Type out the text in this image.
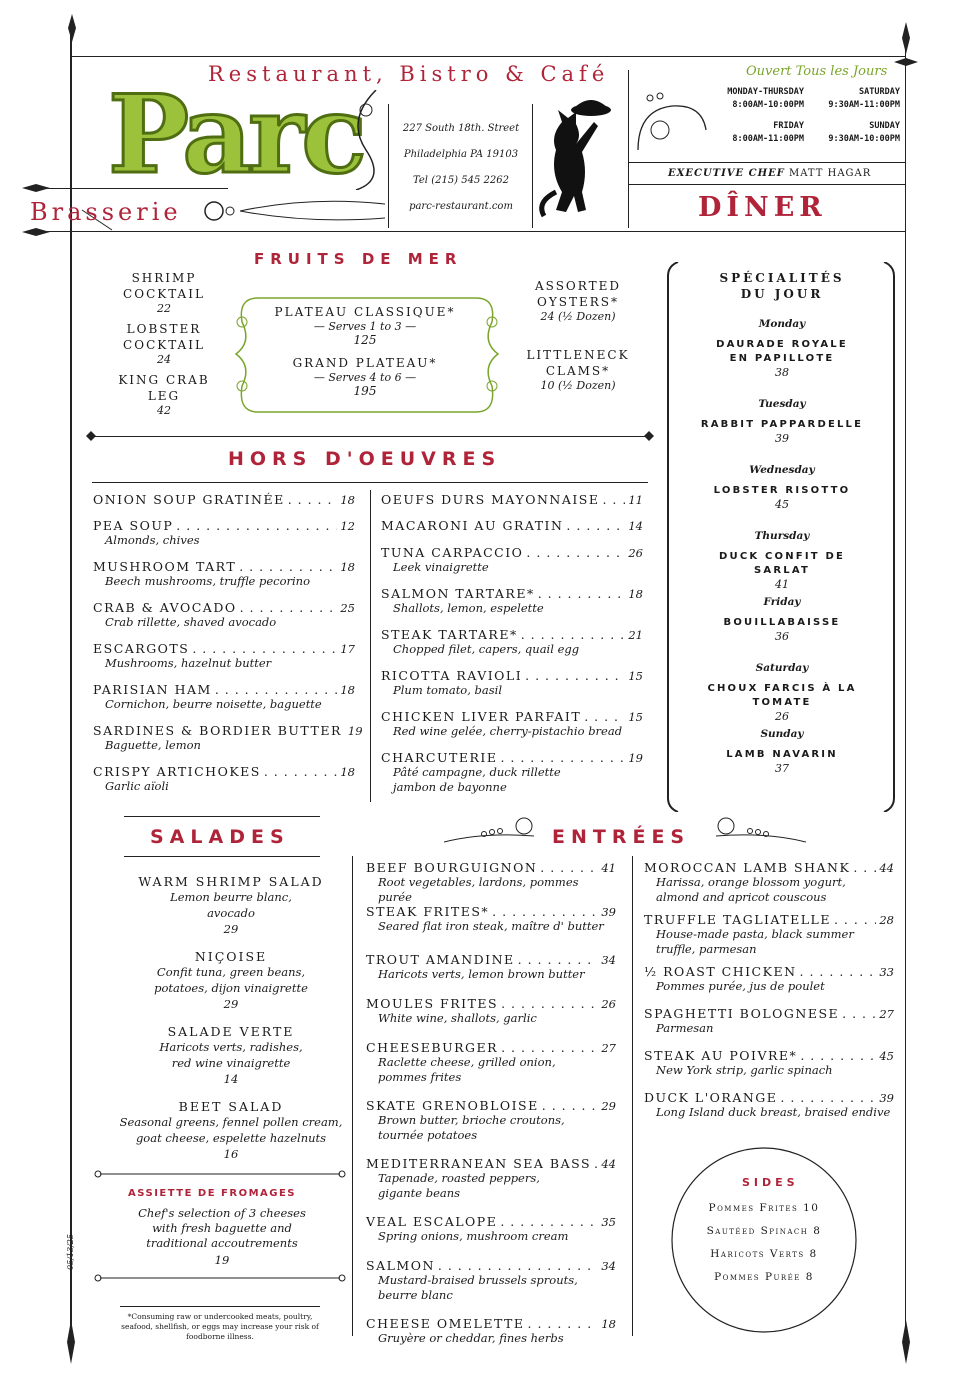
Restaurant, Bistro & Café
Parc
Brasserie
227 South 18th. Street
Philadelphia PA 19103
Tel (215) 545 2262
parc-restaurant.com
Ouvert Tous les Jours
MONDAY-THURSDAY
8:00AM-10:00PM
SATURDAY
9:30AM-11:00PM
FRIDAY
8:00AM-11:00PM
SUNDAY
9:30AM-10:00PM
EXECUTIVE CHEF MATT HAGAR
DÎNER
FRUITS DE MER
SHRIMP COCKTAIL
22
LOBSTER COCKTAIL
24
KING CRAB LEG
42
PLATEAU CLASSIQUE*
— Serves 1 to 3 —
125
GRAND PLATEAU*
— Serves 4 to 6 —
195
ASSORTED OYSTERS*
24 (½ Dozen)
LITTLENECK CLAMS*
10 (½ Dozen)
HORS D'OEUVRES
ONION SOUP GRATINÉE . . .	18
PEA SOUP . . .	12
Almonds, chives
MUSHROOM TART . . .	18
Beech mushrooms, truffle pecorino
CRAB & AVOCADO . . .	25
Crab rillette, shaved avocado
ESCARGOTS . . .	17
Mushrooms, hazelnut butter
PARISIAN HAM . . .	18
Cornichon, beurre noisette, baguette
SARDINES & BORDIER BUTTER 19
Baguette, lemon
CRISPY ARTICHOKES . . .	18
Garlic aïoli
OEUFS DURS MAYONNAISE . . .	11
MACARONI AU GRATIN . . .	14
TUNA CARPACCIO . . .	26
Leek vinaigrette
SALMON TARTARE* . . .	18
Shallots, lemon, espelette
STEAK TARTARE* . . .	21
Chopped filet, capers, quail egg
RICOTTA RAVIOLI . . .	15
Plum tomato, basil
CHICKEN LIVER PARFAIT . . .	15
Red wine gelée, cherry-pistachio bread
CHARCUTERIE . . .	19
Pâté campagne, duck rillette
jambon de bayonne
SPÉCIALITÉS DU JOUR
Monday
DAURADE ROYALE EN PAPILLOTE
38
Tuesday
RABBIT PAPPARDELLE
39
Wednesday
LOBSTER RISOTTO
45
Thursday
DUCK CONFIT DE SARLAT
41
Friday
BOUILLABAISSE
36
Saturday
CHOUX FARCIS À LA TOMATE
26
Sunday
LAMB NAVARIN
37
SALADES
WARM SHRIMP SALAD
Lemon beurre blanc, avocado
29
NIÇOISE
Confit tuna, green beans, potatoes, dijon vinaigrette
29
SALADE VERTE
Haricots verts, radishes, red wine vinaigrette
14
BEET SALAD
Seasonal greens, fennel pollen cream, goat cheese, espelette hazelnuts
16
ASSIETTE DE FROMAGES
Chef's selection of 3 cheeses with fresh baguette and traditional accoutrements
19
05/13/25
*Consuming raw or undercooked meats, poultry, seafood, shellfish, or eggs may increase your risk of foodborne illness.
ENTRÉES
BEEF BOURGUIGNON . . .	41
Root vegetables, lardons, pommes purée
STEAK FRITES* . . .	39
Seared flat iron steak, maître d' butter
TROUT AMANDINE . . .	34
Haricots verts, lemon brown butter
MOULES FRITES . . .	26
White wine, shallots, garlic
CHEESEBURGER . . .	27
Raclette cheese, grilled onion,
pommes frites
SKATE GRENOBLOISE . . .	29
Brown butter, brioche croutons,
tournée potatoes
MEDITERRANEAN SEA BASS . . . 44
Tapenade, roasted peppers,
gigante beans
VEAL ESCALOPE . . .	35
Spring onions, mushroom cream
SALMON . . .	34
Mustard-braised brussels sprouts,
beurre blanc
CHEESE OMELETTE . . .	18
Gruyère or cheddar, fines herbs
MOROCCAN LAMB SHANK . . .	44
Harissa, orange blossom yogurt,
almond and apricot couscous
TRUFFLE TAGLIATELLE . . .	28
House-made pasta, black summer
truffle, parmesan
½ ROAST CHICKEN . . .	33
Pommes purée, jus de poulet
SPAGHETTI BOLOGNESE . . .	27
Parmesan
STEAK AU POIVRE* . . .	45
New York strip, garlic spinach
DUCK L'ORANGE . . .	39
Long Island duck breast, braised endive
SIDES
Pommes Frites 10
Sautéed Spinach 8
Haricots Verts 8
Pommes Purée 8
